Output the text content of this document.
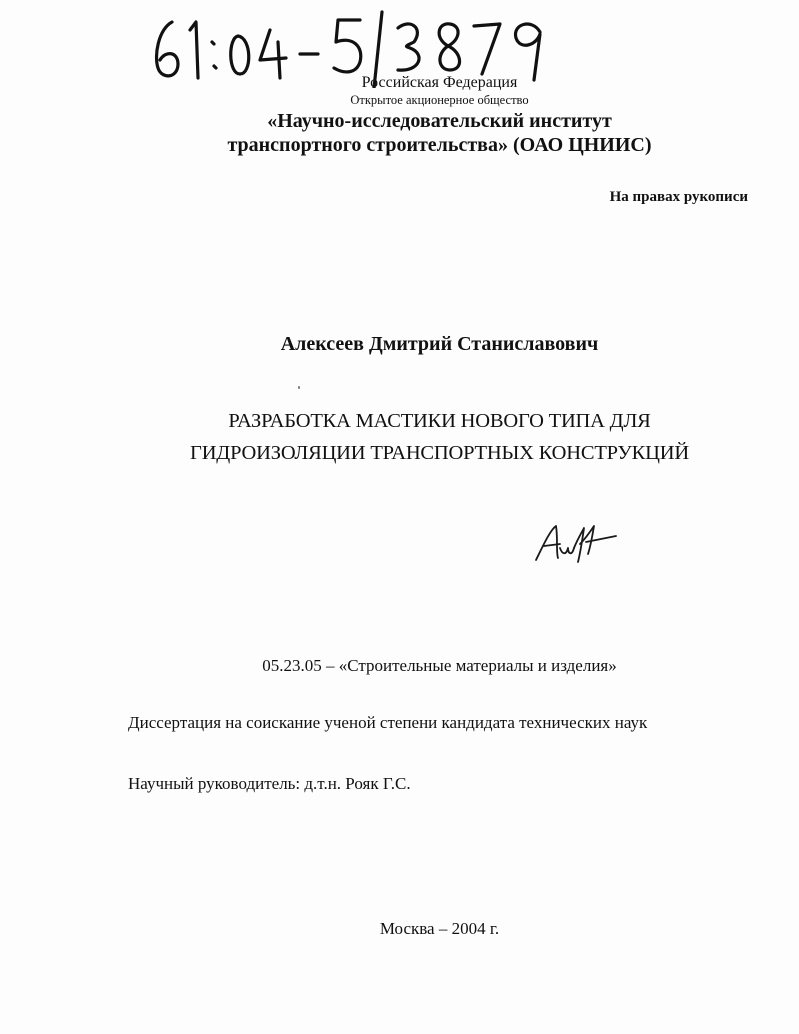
Российская Федерация
Открытое акционерное общество
«Научно-исследовательский институт
транспортного строительства» (ОАО ЦНИИС)
На правах рукописи
Алексеев Дмитрий Станиславович
РАЗРАБОТКА МАСТИКИ НОВОГО ТИПА ДЛЯ
ГИДРОИЗОЛЯЦИИ ТРАНСПОРТНЫХ КОНСТРУКЦИЙ
05.23.05 – «Строительные материалы и изделия»
Диссертация на соискание ученой степени кандидата технических наук
Научный руководитель: д.т.н. Рояк Г.С.
Москва – 2004 г.
